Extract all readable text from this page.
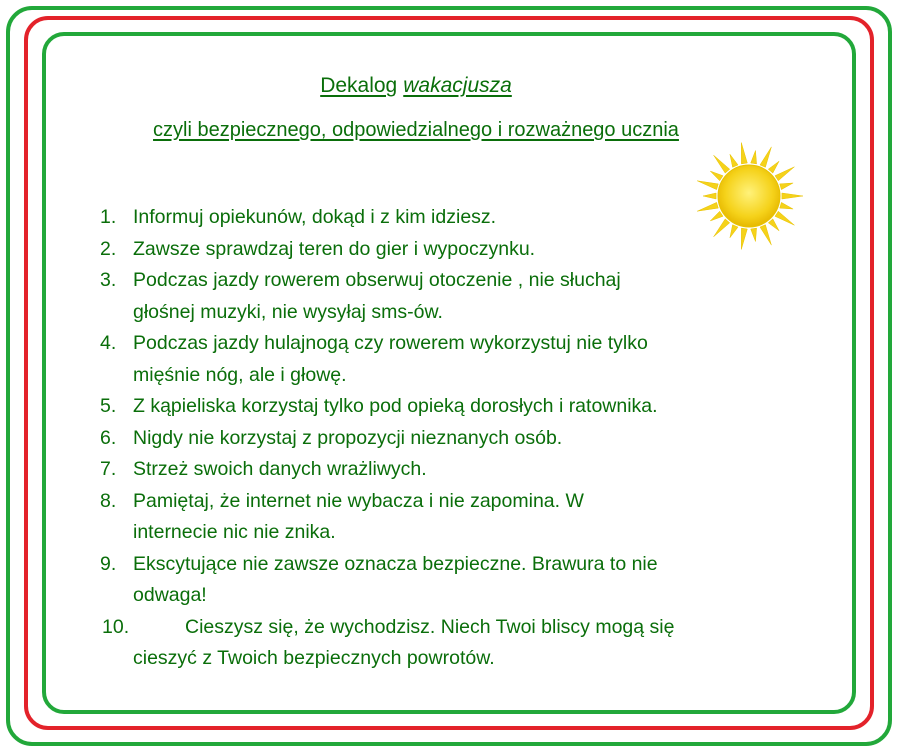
Dekalog wakacjusza
czyli bezpiecznego, odpowiedzialnego i rozważnego ucznia
1. Informuj opiekunów, dokąd i z kim idziesz.
2. Zawsze sprawdzaj teren do gier i wypoczynku.
3. Podczas jazdy rowerem obserwuj otoczenie , nie słuchaj
głośnej muzyki, nie wysyłaj sms-ów.
4. Podczas jazdy hulajnogą czy rowerem wykorzystuj nie tylko
mięśnie nóg, ale i głowę.
5. Z kąpieliska korzystaj tylko pod opieką dorosłych i ratownika.
6. Nigdy nie korzystaj z propozycji nieznanych osób.
7. Strzeż swoich danych wrażliwych.
8. Pamiętaj, że internet nie wybacza i nie zapomina. W
internecie nic nie znika.
9. Ekscytujące nie zawsze oznacza bezpieczne. Brawura to nie
odwaga!
10.	Cieszysz się, że wychodzisz. Niech Twoi bliscy mogą się
cieszyć z Twoich bezpiecznych powrotów.
